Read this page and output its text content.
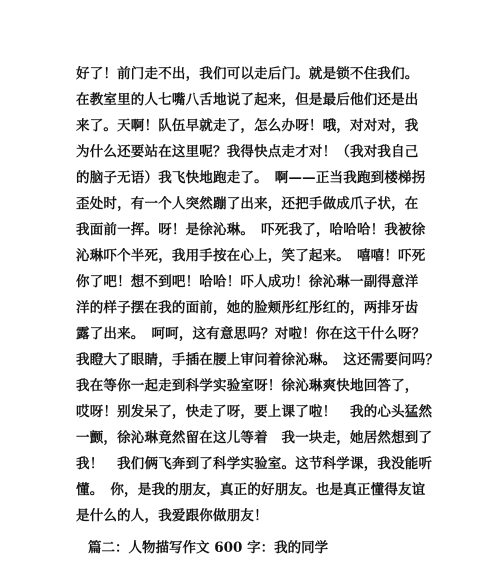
好了！前门走不出，我们可以走后门。就是锁不住我们。
在教室里的人七嘴八舌地说了起来，但是最后他们还是出
来了。天啊！队伍早就走了，怎么办呀！哦，对对对，我
为什么还要站在这里呢？我得快点走才对！（我对我自己
的脑子无语）我飞快地跑走了。　啊——正当我跑到楼梯拐
歪处时，有一个人突然蹦了出来，还把手做成爪子状，在
我面前一挥。呀！是徐沁琳。　吓死我了，哈哈哈！我被徐
沁琳吓个半死，我用手按在心上，笑了起来。　嘻嘻！吓死
你了吧！想不到吧！哈哈！吓人成功！徐沁琳一副得意洋
洋的样子摆在我的面前，她的脸颊彤红彤红的，两排牙齿
露了出来。　呵呵，这有意思吗？对啦！你在这干什么呀？
我瞪大了眼睛，手插在腰上审问着徐沁琳。　这还需要问吗？
我在等你一起走到科学实验室呀！徐沁琳爽快地回答了，
哎呀！别发呆了，快走了呀，要上课了啦！　我的心头猛然
一颤，徐沁琳竟然留在这儿等着　我一块走，她居然想到了
我！　我们俩飞奔到了科学实验室。这节科学课，我没能听
懂。　你，是我的朋友，真正的好朋友。也是真正懂得友谊
是什么的人，我爱跟你做朋友！
篇二：人物描写作文 600 字：我的同学
